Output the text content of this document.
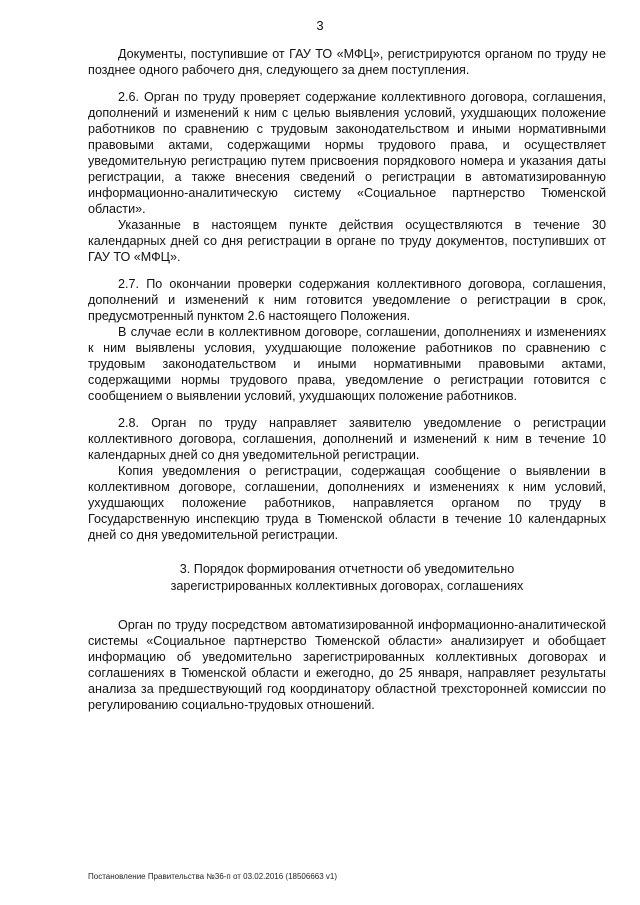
3

Документы, поступившие от ГАУ ТО «МФЦ», регистрируются органом по труду не позднее одного рабочего дня, следующего за днем поступления.

2.6. Орган по труду проверяет содержание коллективного договора, соглашения, дополнений и изменений к ним с целью выявления условий, ухудшающих положение работников по сравнению с трудовым законодательством и иными нормативными правовыми актами, содержащими нормы трудового права, и осуществляет уведомительную регистрацию путем присвоения порядкового номера и указания даты регистрации, а также внесения сведений о регистрации в автоматизированную информационно-аналитическую систему «Социальное партнерство Тюменской области».

Указанные в настоящем пункте действия осуществляются в течение 30 календарных дней со дня регистрации в органе по труду документов, поступивших от ГАУ ТО «МФЦ».

2.7. По окончании проверки содержания коллективного договора, соглашения, дополнений и изменений к ним готовится уведомление о регистрации в срок, предусмотренный пунктом 2.6 настоящего Положения.

В случае если в коллективном договоре, соглашении, дополнениях и изменениях к ним выявлены условия, ухудшающие положение работников по сравнению с трудовым законодательством и иными нормативными правовыми актами, содержащими нормы трудового права, уведомление о регистрации готовится с сообщением о выявлении условий, ухудшающих положение работников.

2.8. Орган по труду направляет заявителю уведомление о регистрации коллективного договора, соглашения, дополнений и изменений к ним в течение 10 календарных дней со дня уведомительной регистрации.

Копия уведомления о регистрации, содержащая сообщение о выявлении в коллективном договоре, соглашении, дополнениях и изменениях к ним условий, ухудшающих положение работников, направляется органом по труду в Государственную инспекцию труда в Тюменской области в течение 10 календарных дней со дня уведомительной регистрации.

3. Порядок формирования отчетности об уведомительно
зарегистрированных коллективных договорах, соглашениях

Орган по труду посредством автоматизированной информационно-аналитической системы «Социальное партнерство Тюменской области» анализирует и обобщает информацию об уведомительно зарегистрированных коллективных договорах и соглашениях в Тюменской области и ежегодно, до 25 января, направляет результаты анализа за предшествующий год координатору областной трехсторонней комиссии по регулированию социально-трудовых отношений.

Постановление Правительства №36-п от 03.02.2016 (18506663 v1)
